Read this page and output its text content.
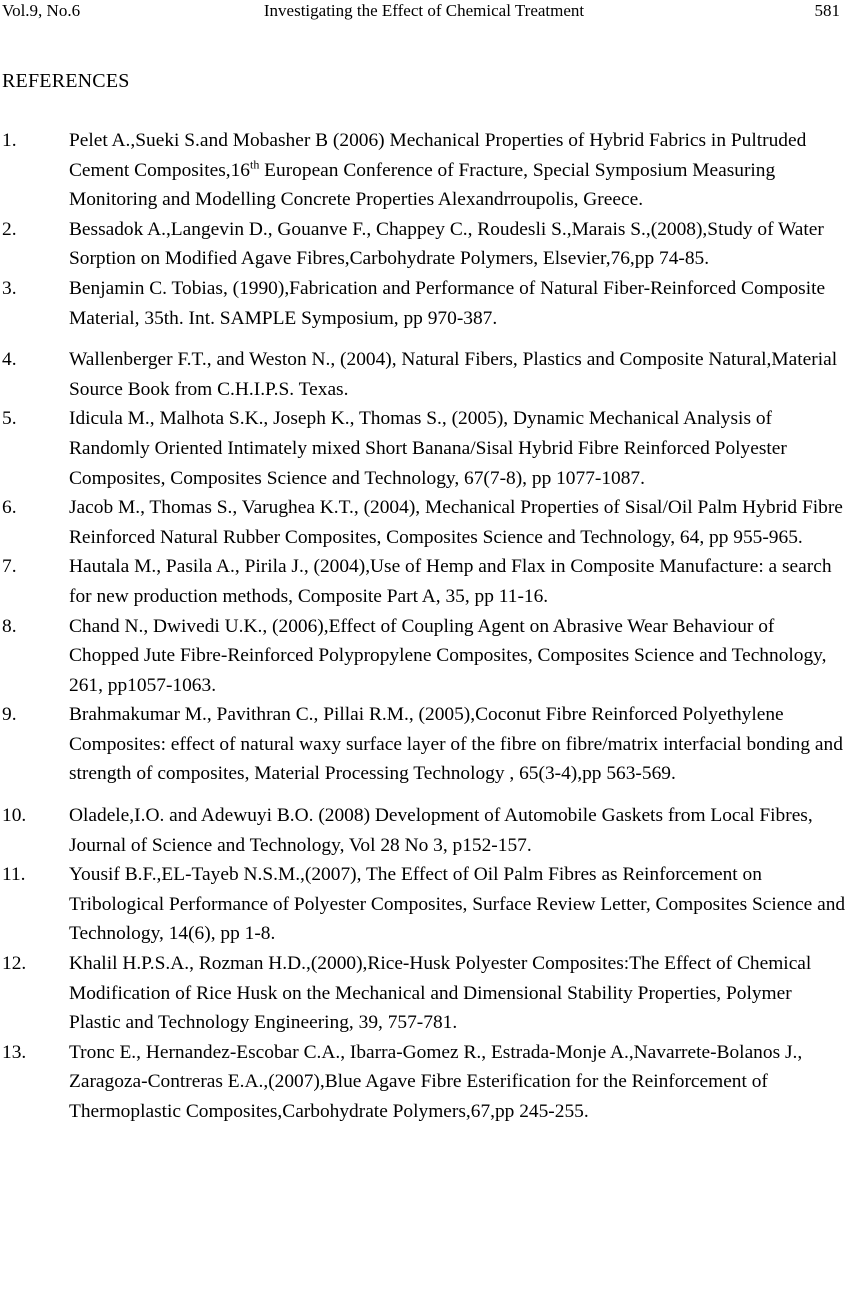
Vol.9, No.6	Investigating the Effect of Chemical Treatment	581
REFERENCES
1.	Pelet A.,Sueki S.and Mobasher B (2006) Mechanical Properties of Hybrid Fabrics in Pultruded Cement Composites,16th European Conference of Fracture, Special Symposium Measuring Monitoring and Modelling Concrete Properties Alexandrroupolis, Greece.
2.	Bessadok A.,Langevin D., Gouanve F., Chappey C., Roudesli S.,Marais S.,(2008),Study of Water Sorption on Modified Agave Fibres,Carbohydrate Polymers, Elsevier,76,pp 74-85.
3.	Benjamin C. Tobias, (1990),Fabrication and Performance of Natural Fiber-Reinforced Composite Material, 35th. Int. SAMPLE Symposium, pp 970-387.
4.	Wallenberger F.T., and Weston N., (2004), Natural Fibers, Plastics and Composite Natural,Material Source Book from C.H.I.P.S. Texas.
5.	Idicula M., Malhota S.K., Joseph K., Thomas S., (2005), Dynamic Mechanical Analysis of Randomly Oriented Intimately mixed Short Banana/Sisal Hybrid Fibre Reinforced Polyester Composites, Composites Science and Technology, 67(7-8), pp 1077-1087.
6.	Jacob M., Thomas S., Varughea K.T., (2004), Mechanical Properties of Sisal/Oil Palm Hybrid Fibre Reinforced Natural Rubber Composites, Composites Science and Technology, 64, pp 955-965.
7.	Hautala M., Pasila A., Pirila J., (2004),Use of Hemp and Flax in Composite Manufacture: a search for new production methods, Composite Part A, 35, pp 11-16.
8.	Chand N., Dwivedi U.K., (2006),Effect of Coupling Agent on Abrasive Wear Behaviour of Chopped Jute Fibre-Reinforced Polypropylene Composites, Composites Science and Technology, 261, pp1057-1063.
9.	Brahmakumar M., Pavithran C., Pillai R.M., (2005),Coconut Fibre Reinforced Polyethylene Composites: effect of natural waxy surface layer of the fibre on fibre/matrix interfacial bonding and strength of composites, Material Processing Technology , 65(3-4),pp 563-569.
10.	Oladele,I.O. and Adewuyi B.O. (2008) Development of Automobile Gaskets from Local Fibres, Journal of Science and Technology, Vol 28 No 3, p152-157.
11.	Yousif B.F.,EL-Tayeb N.S.M.,(2007), The Effect of Oil Palm Fibres as Reinforcement on Tribological Performance of Polyester Composites, Surface Review Letter, Composites Science and Technology, 14(6), pp 1-8.
12.	Khalil H.P.S.A., Rozman H.D.,(2000),Rice-Husk Polyester Composites:The Effect of Chemical Modification of Rice Husk on the Mechanical and Dimensional Stability Properties, Polymer Plastic and Technology Engineering, 39, 757-781.
13.	Tronc E., Hernandez-Escobar C.A., Ibarra-Gomez R., Estrada-Monje A.,Navarrete-Bolanos J., Zaragoza-Contreras E.A.,(2007),Blue Agave Fibre Esterification for the Reinforcement of Thermoplastic Composites,Carbohydrate Polymers,67,pp 245-255.
